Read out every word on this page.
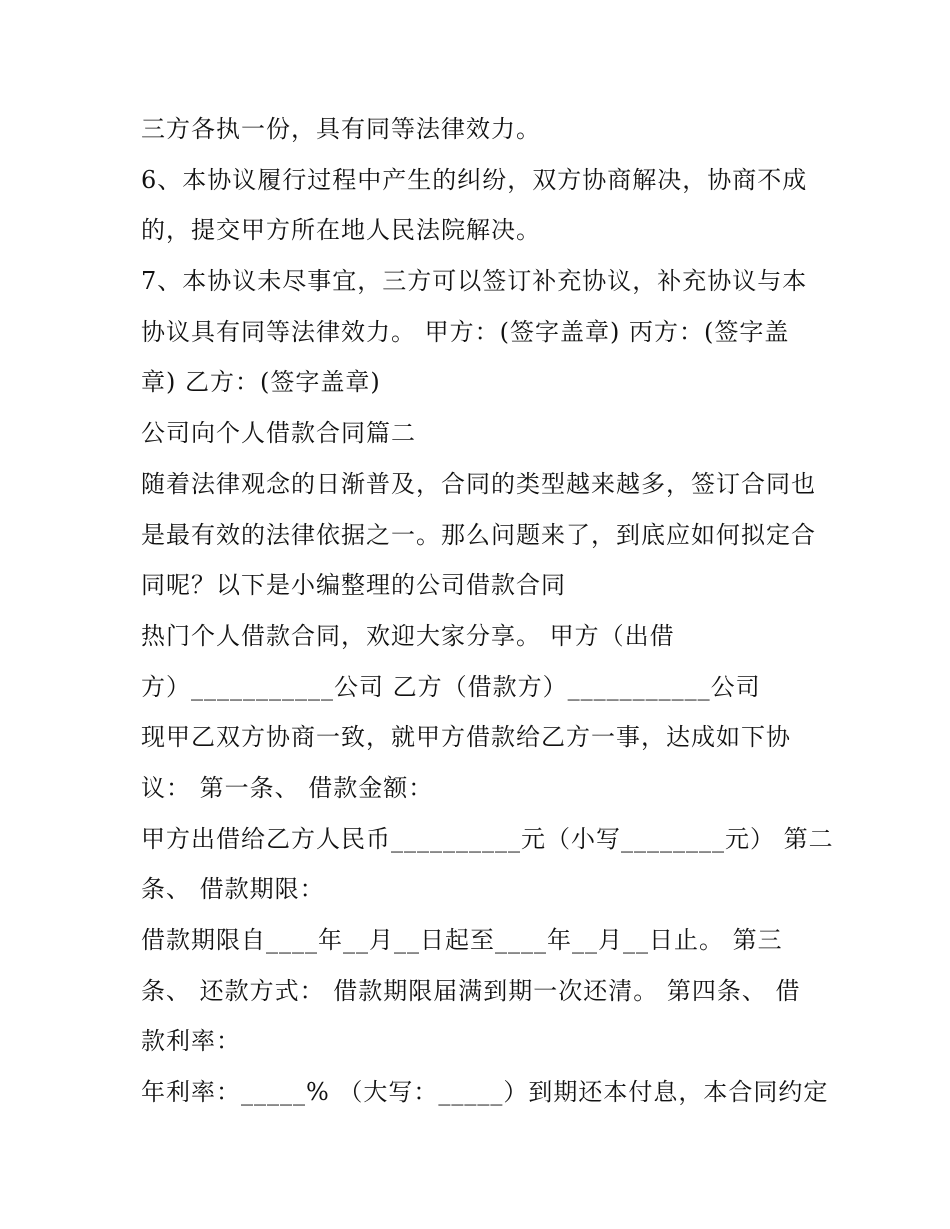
三方各执一份，具有同等法律效力。
6、本协议履行过程中产生的纠纷，双方协商解决，协商不成
的，提交甲方所在地人民法院解决。
7、本协议未尽事宜，三方可以签订补充协议，补充协议与本
协议具有同等法律效力。 甲方：(签字盖章) 丙方：(签字盖
章) 乙方：(签字盖章)
公司向个人借款合同篇二
随着法律观念的日渐普及，合同的类型越来越多，签订合同也
是最有效的法律依据之一。那么问题来了，到底应如何拟定合
同呢？以下是小编整理的公司借款合同
热门个人借款合同，欢迎大家分享。 甲方（出借
方）___________公司 乙方（借款方）___________公司
现甲乙双方协商一致，就甲方借款给乙方一事，达成如下协
议： 第一条、 借款金额：
甲方出借给乙方人民币__________元（小写________元） 第二
条、 借款期限：
借款期限自____年__月__日起至____年__月__日止。 第三
条、 还款方式： 借款期限届满到期一次还清。 第四条、 借
款利率：
年利率：_____% （大写：_____）到期还本付息，本合同约定
